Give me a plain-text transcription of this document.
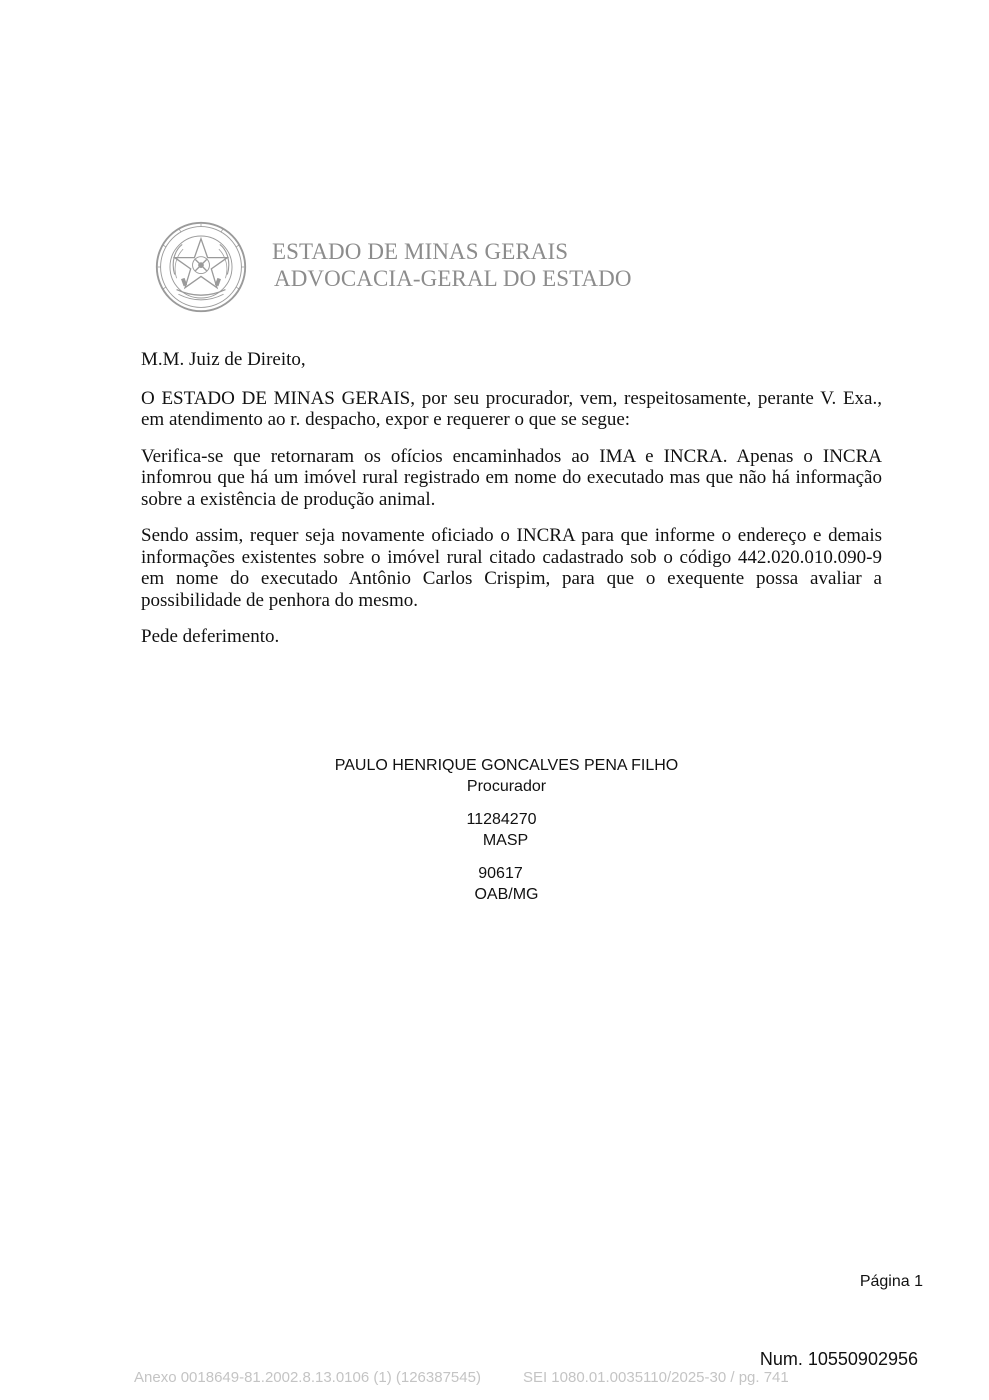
ESTADO DE MINAS GERAIS
ADVOCACIA-GERAL DO ESTADO

M.M. Juiz de Direito,

O ESTADO DE MINAS GERAIS, por seu procurador, vem, respeitosamente, perante V. Exa., em atendimento ao r. despacho, expor e requerer o que se segue:

Verifica-se que retornaram os ofícios encaminhados ao IMA e INCRA. Apenas o INCRA infomrou que há um imóvel rural registrado em nome do executado mas que não há informação sobre a existência de produção animal.

Sendo assim, requer seja novamente oficiado o INCRA para que informe o endereço e demais informações existentes sobre o imóvel rural citado cadastrado sob o código 442.020.010.090-9 em nome do executado Antônio Carlos Crispim, para que o exequente possa avaliar a possibilidade de penhora do mesmo.

Pede deferimento.

PAULO HENRIQUE GONCALVES PENA FILHO
Procurador
11284270
MASP
90617
OAB/MG
Página 1
Num. 10550902956
Anexo 0018649-81.2002.8.13.0106 (1) (126387545)	SEI 1080.01.0035110/2025-30 / pg. 741
